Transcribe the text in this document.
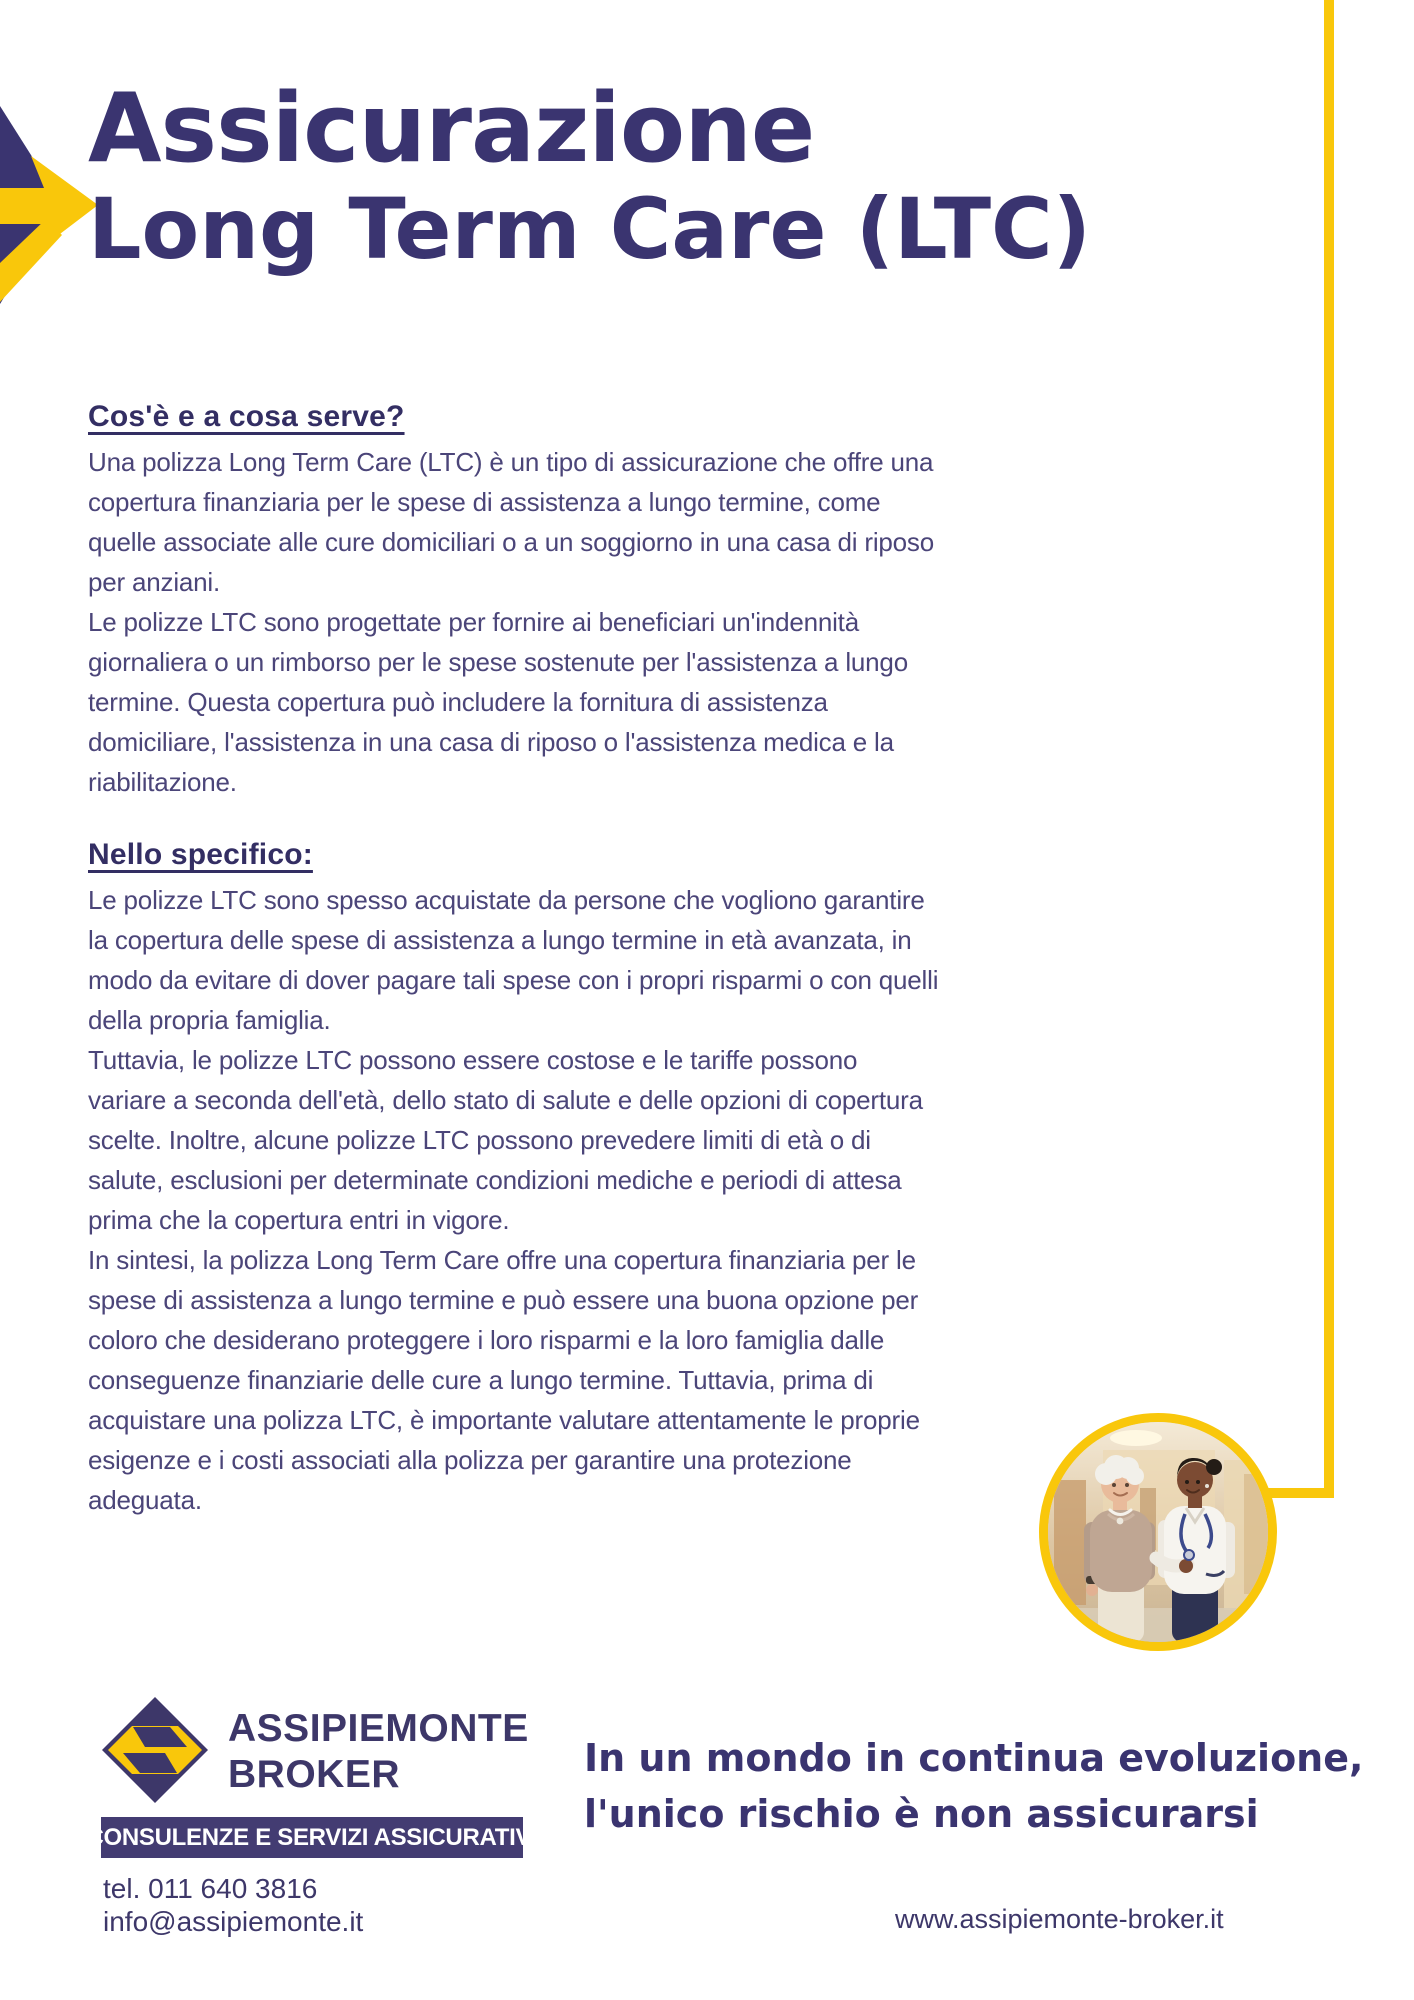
Assicurazione
Long Term Care (LTC)
Cos'è e a cosa serve?

Una polizza Long Term Care (LTC) è un tipo di assicurazione che offre una copertura finanziaria per le spese di assistenza a lungo termine, come quelle associate alle cure domiciliari o a un soggiorno in una casa di riposo per anziani.

Le polizze LTC sono progettate per fornire ai beneficiari un'indennità giornaliera o un rimborso per le spese sostenute per l'assistenza a lungo termine. Questa copertura può includere la fornitura di assistenza domiciliare, l'assistenza in una casa di riposo o l'assistenza medica e la riabilitazione.

Nello specifico:

Le polizze LTC sono spesso acquistate da persone che vogliono garantire la copertura delle spese di assistenza a lungo termine in età avanzata, in modo da evitare di dover pagare tali spese con i propri risparmi o con quelli della propria famiglia.

Tuttavia, le polizze LTC possono essere costose e le tariffe possono variare a seconda dell'età, dello stato di salute e delle opzioni di copertura scelte. Inoltre, alcune polizze LTC possono prevedere limiti di età o di salute, esclusioni per determinate condizioni mediche e periodi di attesa prima che la copertura entri in vigore.

In sintesi, la polizza Long Term Care offre una copertura finanziaria per le spese di assistenza a lungo termine e può essere una buona opzione per coloro che desiderano proteggere i loro risparmi e la loro famiglia dalle conseguenze finanziarie delle cure a lungo termine. Tuttavia, prima di acquistare una polizza LTC, è importante valutare attentamente le proprie esigenze e i costi associati alla polizza per garantire una protezione adeguata.

ASSIPIEMONTE
BROKER
CONSULENZE E SERVIZI ASSICURATIVI
tel. 011 640 3816
info@assipiemonte.it
In un mondo in continua evoluzione,
l'unico rischio è non assicurarsi
www.assipiemonte-broker.it
